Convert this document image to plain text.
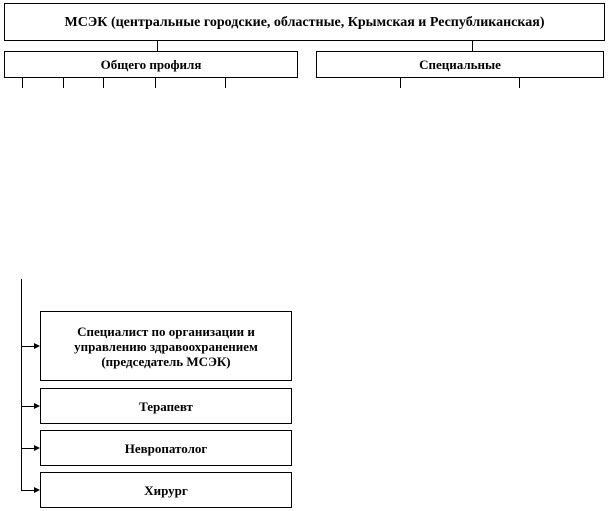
МСЭК (центральные городские, областные, Крымская и Республиканская)
Общего профиля	Специальные
Специалист по организации и управлению здравоохранением (председатель МСЭК)
Терапевт
Невропатолог
Хирург
